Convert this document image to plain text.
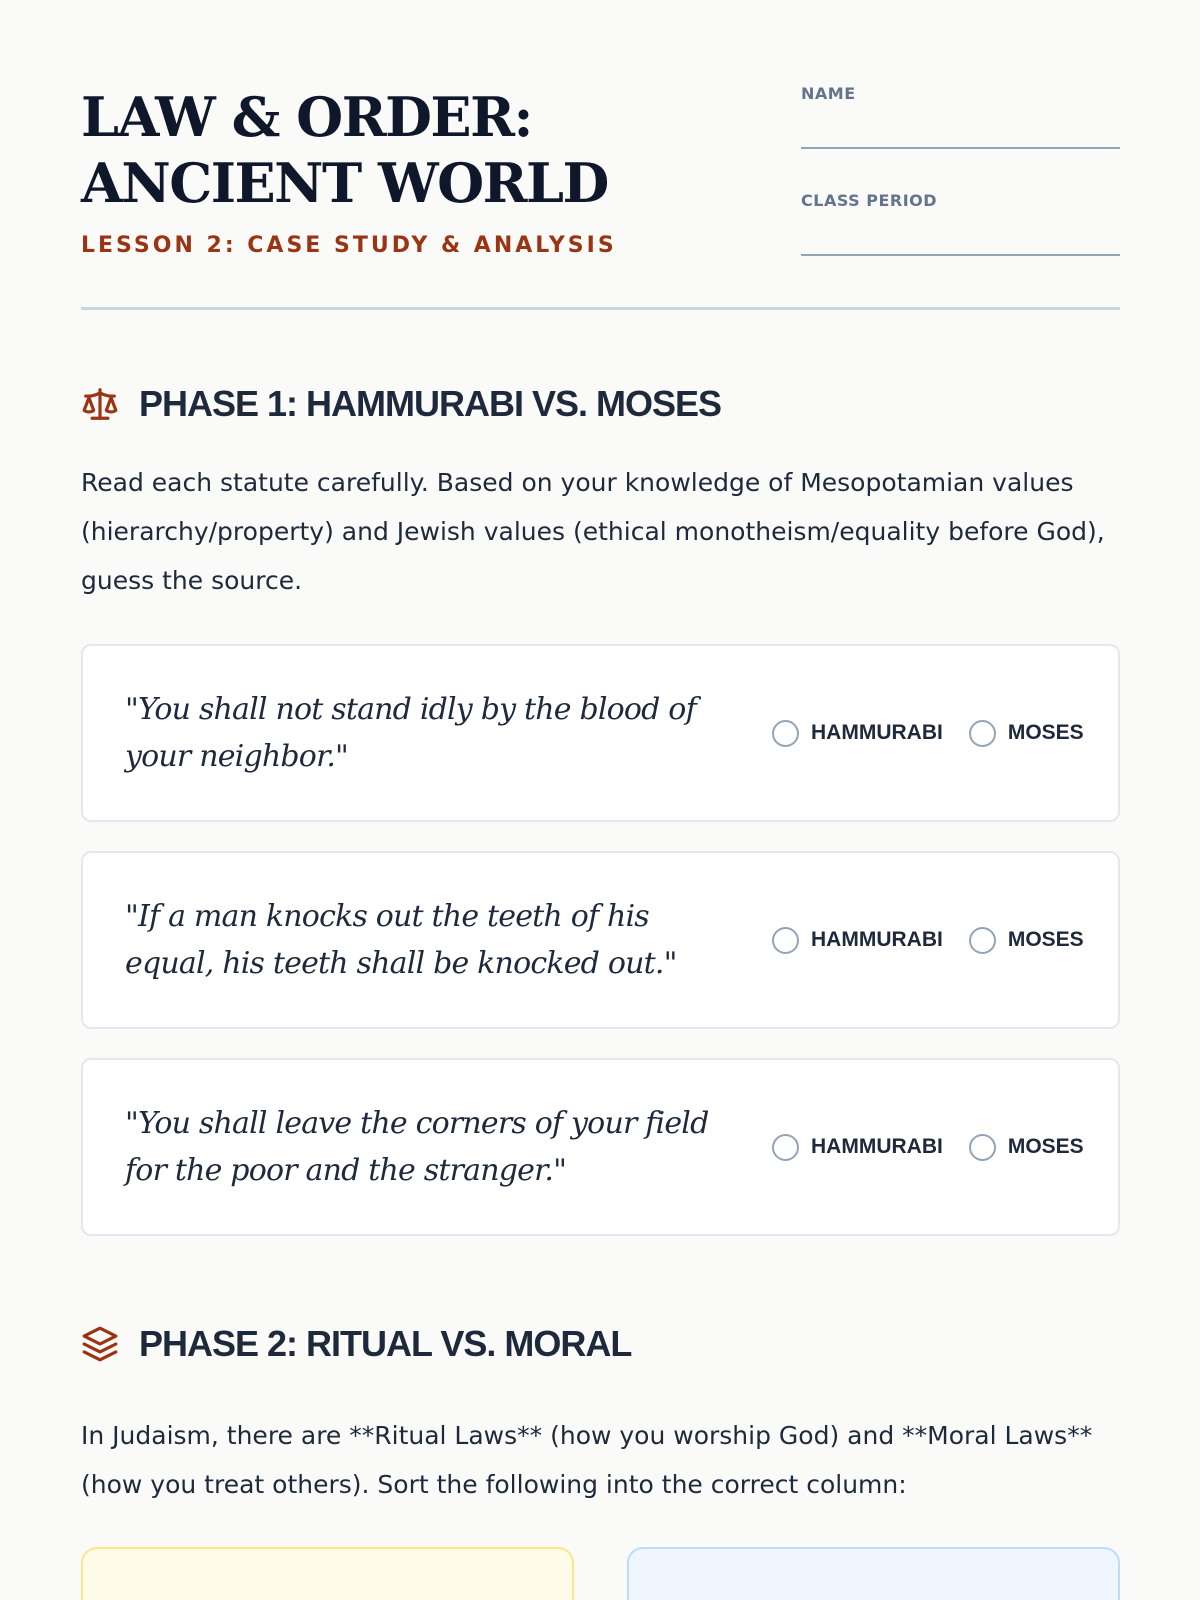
LAW & ORDER:
ANCIENT WORLD
LESSON 2: CASE STUDY & ANALYSIS
NAME
CLASS PERIOD
PHASE 1: HAMMURABI VS. MOSES

Read each statute carefully. Based on your knowledge of Mesopotamian values (hierarchy/property) and Jewish values (ethical monotheism/equality before God), guess the source.

"You shall not stand idly by the blood of your neighbor."
HAMMURABI	MOSES
"If a man knocks out the teeth of his equal, his teeth shall be knocked out."
HAMMURABI	MOSES
"You shall leave the corners of your field for the poor and the stranger."
HAMMURABI	MOSES
PHASE 2: RITUAL VS. MORAL

In Judaism, there are **Ritual Laws** (how you worship God) and **Moral Laws** (how you treat others). Sort the following into the correct column:
